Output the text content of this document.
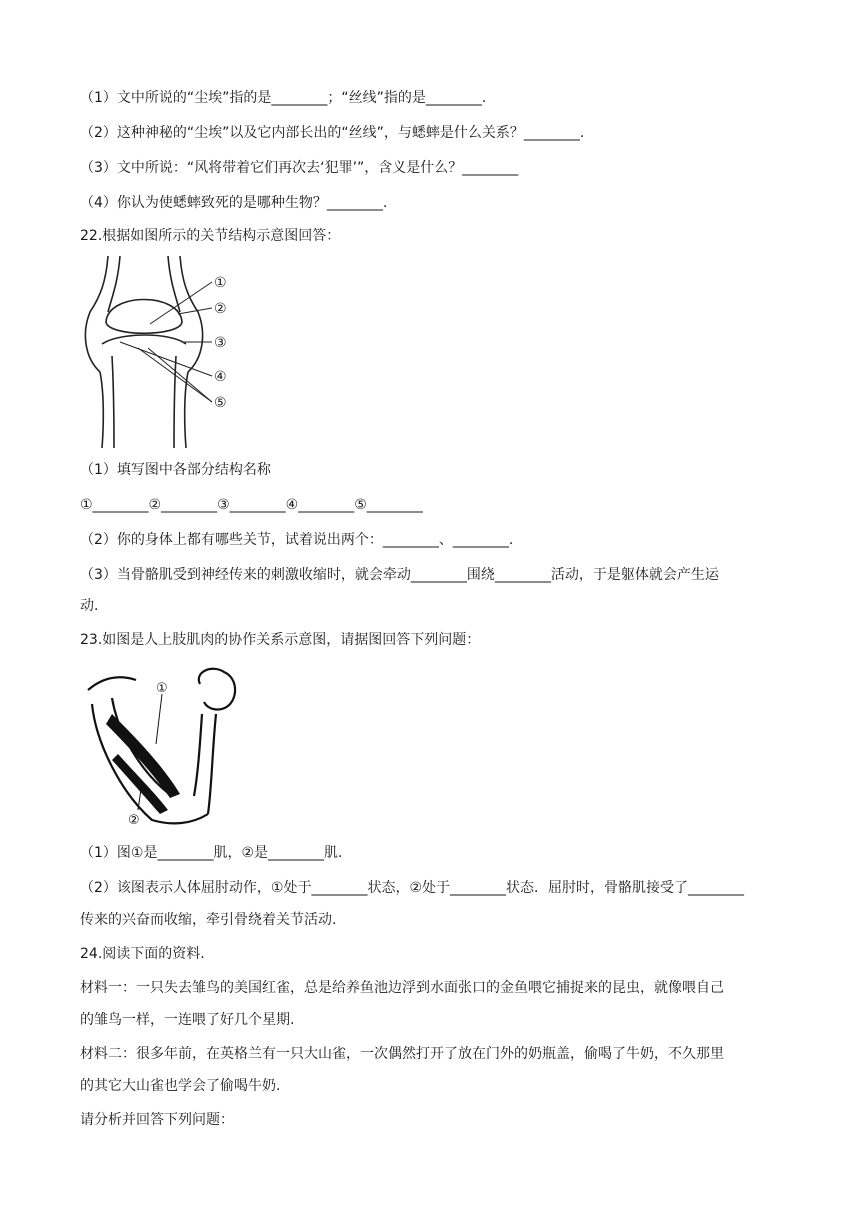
（1）文中所说的“尘埃”指的是________；“丝线”指的是________.
（2）这种神秘的“尘埃”以及它内部长出的“丝线”，与蟋蟀是什么关系？________.
（3）文中所说：“风将带着它们再次去‘犯罪’”，含义是什么？________
（4）你认为使蟋蟀致死的是哪种生物？________.
22.根据如图所示的关节结构示意图回答：
①
②
③
④
⑤
（1）填写图中各部分结构名称
①________②________③________④________⑤________
（2）你的身体上都有哪些关节，试着说出两个：________、________.
（3）当骨骼肌受到神经传来的刺激收缩时，就会牵动________围绕________活动，于是躯体就会产生运
动.
23.如图是人上肢肌肉的协作关系示意图，请据图回答下列问题：
①
②
（1）图①是________肌，②是________肌.
（2）该图表示人体屈肘动作，①处于________状态，②处于________状态．屈肘时，骨骼肌接受了________
传来的兴奋而收缩，牵引骨绕着关节活动.
24.阅读下面的资料.
材料一：一只失去雏鸟的美国红雀，总是给养鱼池边浮到水面张口的金鱼喂它捕捉来的昆虫，就像喂自己
的雏鸟一样，一连喂了好几个星期.
材料二：很多年前，在英格兰有一只大山雀，一次偶然打开了放在门外的奶瓶盖，偷喝了牛奶，不久那里
的其它大山雀也学会了偷喝牛奶.
请分析并回答下列问题：
